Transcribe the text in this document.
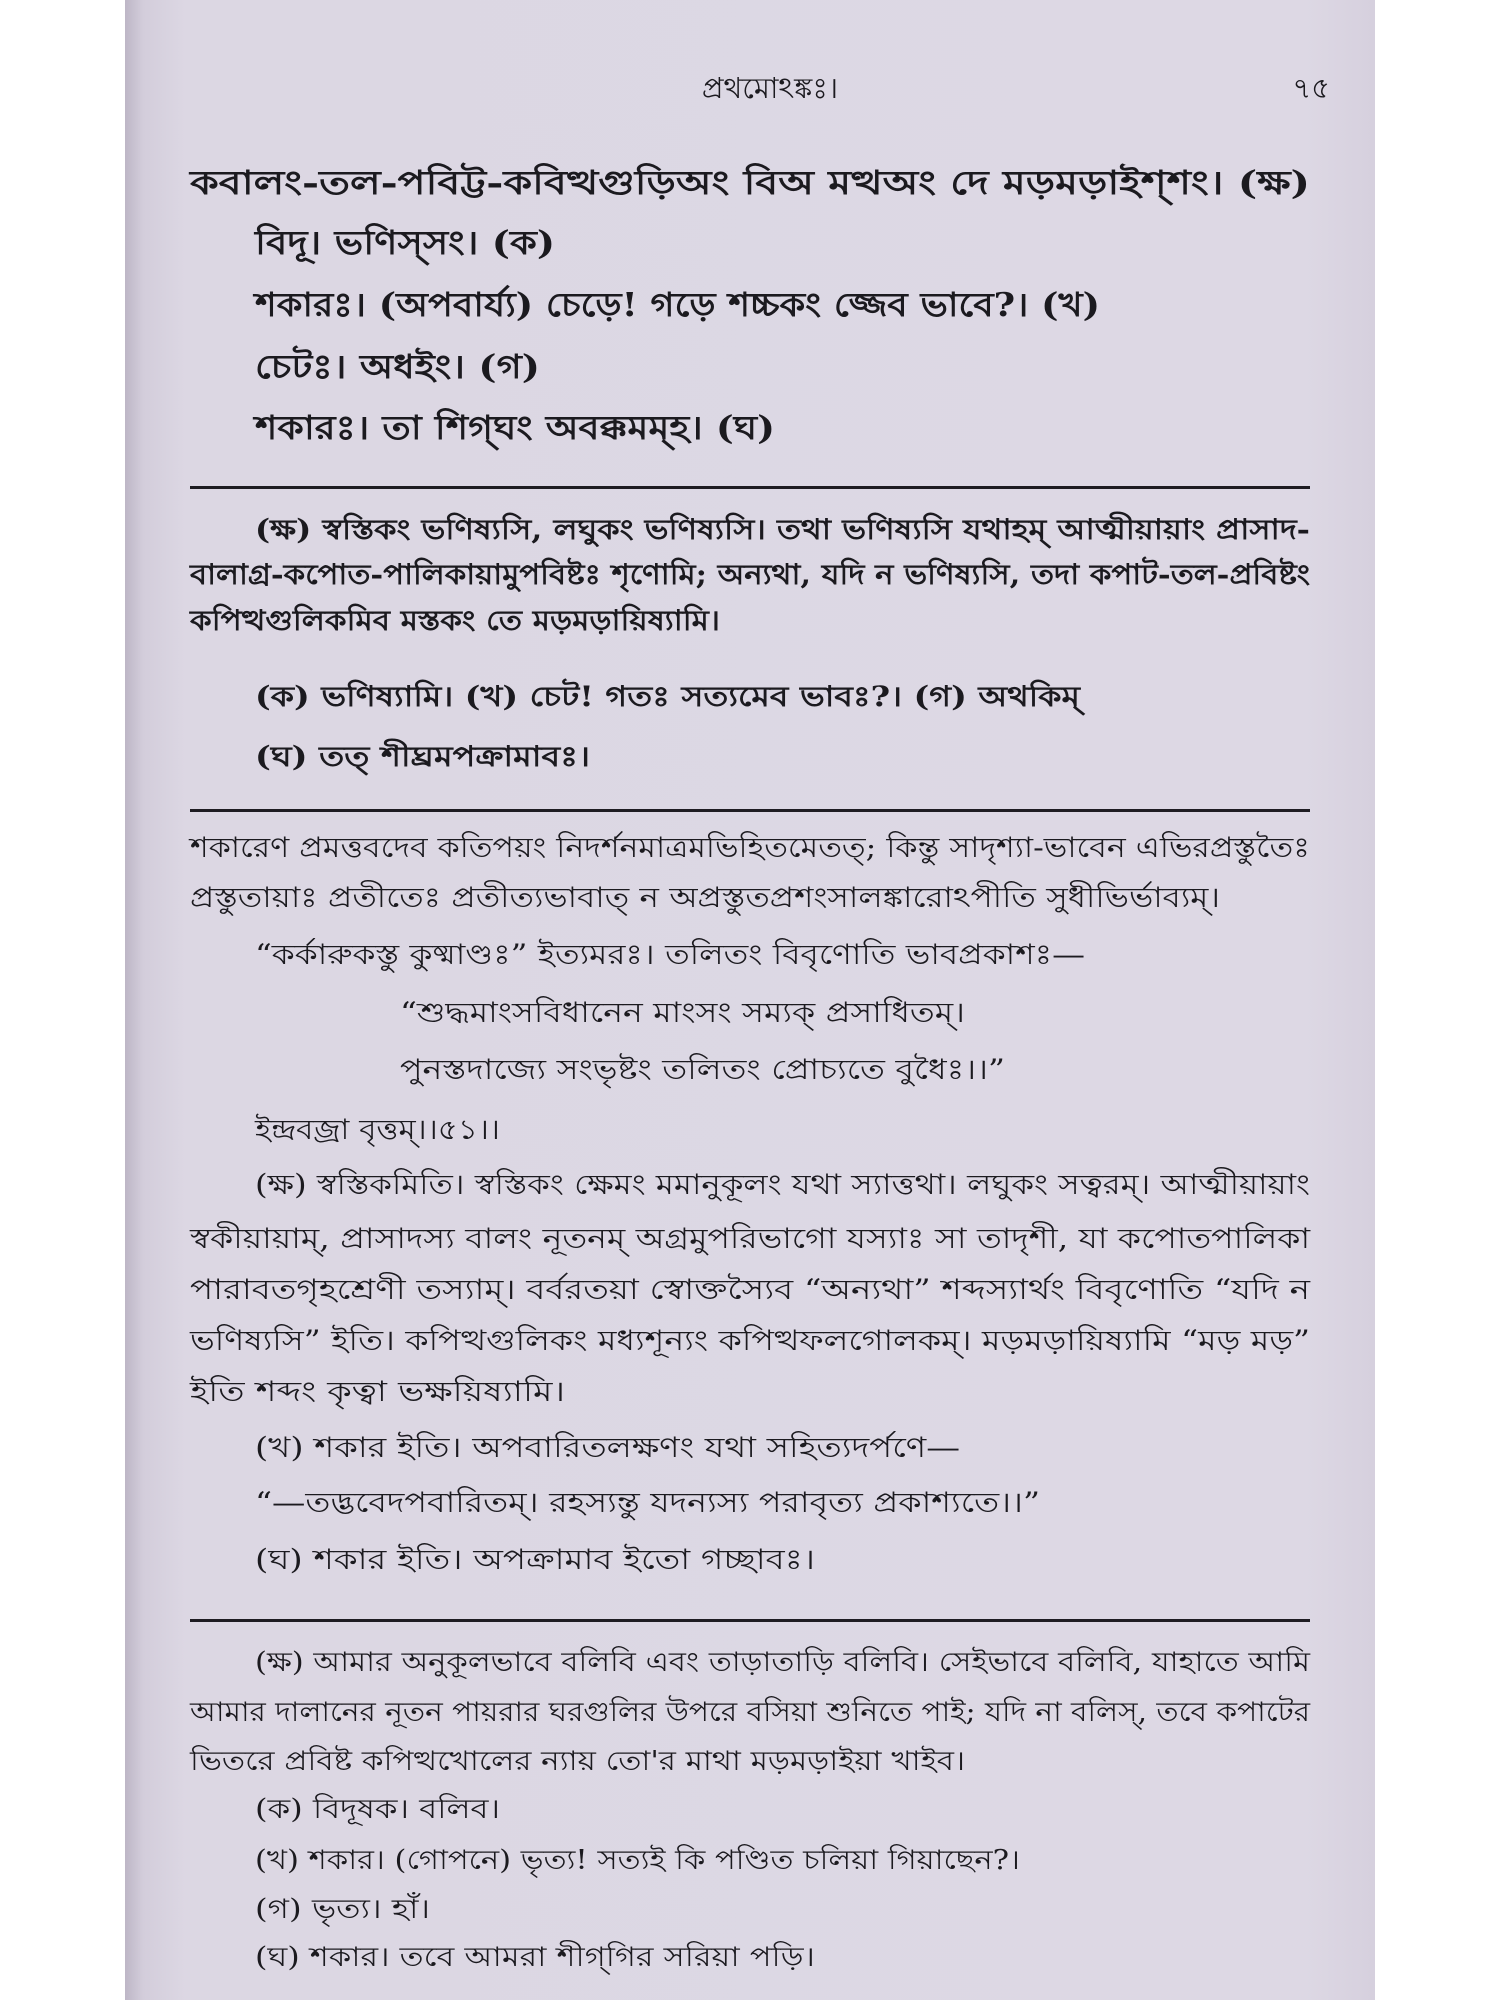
প্রথমোঽঙ্কঃ।	৭৫
কবালং-তল-পবিট্ট-কবিত্থগুড়িঅং বিঅ মত্থঅং দে মড়মড়াইশ্শং। (ক্ষ)
বিদূ। ভণিস্সং। (ক)
শকারঃ। (অপবার্য্য) চেড়ে! গড়ে শচ্চকং জ্জেব ভাবে?। (খ)
চেটঃ। অধইং। (গ)
শকারঃ। তা শিগ্ঘং অবক্কমম্হ। (ঘ)
(ক্ষ) স্বস্তিকং ভণিষ্যসি, লঘুকং ভণিষ্যসি। তথা ভণিষ্যসি যথাহম্ আত্মীয়ায়াং প্রাসাদ-
বালাগ্র-কপোত-পালিকায়ামুপবিষ্টঃ শৃণোমি; অন্যথা, যদি ন ভণিষ্যসি, তদা কপাট-তল-প্রবিষ্টং
কপিত্থগুলিকমিব মস্তকং তে মড়মড়ায়িষ্যামি।
(ক) ভণিষ্যামি। (খ) চেট! গতঃ সত্যমেব ভাবঃ?। (গ) অথকিম্
(ঘ) তত্ শীঘ্রমপক্রামাবঃ।
শকারেণ প্রমত্তবদেব কতিপয়ং নিদর্শনমাত্রমভিহিতমেতত্; কিন্তু সাদৃশ্যা-ভাবেন এভিরপ্রস্তুতৈঃ
প্রস্তুতায়াঃ প্রতীতেঃ প্রতীত্যভাবাত্ ন অপ্রস্তুতপ্রশংসালঙ্কারোঽপীতি সুধীভির্ভাব্যম্।
“কর্কারুকস্তু কুষ্মাণ্ডঃ” ইত্যমরঃ। তলিতং বিবৃণোতি ভাবপ্রকাশঃ—
“শুদ্ধমাংসবিধানেন মাংসং সম্যক্ প্রসাধিতম্।
পুনস্তদাজ্যে সংভৃষ্টং তলিতং প্রোচ্যতে বুধৈঃ।।”
ইন্দ্রবজ্রা বৃত্তম্।।৫১।।
(ক্ষ) স্বস্তিকমিতি। স্বস্তিকং ক্ষেমং মমানুকূলং যথা স্যাত্তথা। লঘুকং সত্বরম্। আত্মীয়ায়াং
স্বকীয়ায়াম্, প্রাসাদস্য বালং নূতনম্ অগ্রমুপরিভাগো যস্যাঃ সা তাদৃশী, যা কপোতপালিকা
পারাবতগৃহশ্রেণী তস্যাম্। বর্বরতয়া স্বোক্তস্যৈব “অন্যথা” শব্দস্যার্থং বিবৃণোতি “যদি ন
ভণিষ্যসি” ইতি। কপিত্থগুলিকং মধ্যশূন্যং কপিত্থফলগোলকম্। মড়মড়ায়িষ্যামি “মড় মড়”
ইতি শব্দং কৃত্বা ভক্ষয়িষ্যামি।
(খ) শকার ইতি। অপবারিতলক্ষণং যথা সহিত্যদর্পণে—
“—তদ্ভবেদপবারিতম্। রহস্যন্তু যদন্যস্য পরাবৃত্য প্রকাশ্যতে।।”
(ঘ) শকার ইতি। অপক্রামাব ইতো গচ্ছাবঃ।
(ক্ষ) আমার অনুকূলভাবে বলিবি এবং তাড়াতাড়ি বলিবি। সেইভাবে বলিবি, যাহাতে আমি
আমার দালানের নূতন পায়রার ঘরগুলির উপরে বসিয়া শুনিতে পাই; যদি না বলিস্, তবে কপাটের
ভিতরে প্রবিষ্ট কপিত্থখোলের ন্যায় তো'র মাথা মড়মড়াইয়া খাইব।
(ক) বিদূষক। বলিব।
(খ) শকার। (গোপনে) ভৃত্য! সত্যই কি পণ্ডিত চলিয়া গিয়াছেন?।
(গ) ভৃত্য। হাঁ।
(ঘ) শকার। তবে আমরা শীগ্‌গির সরিয়া পড়ি।
